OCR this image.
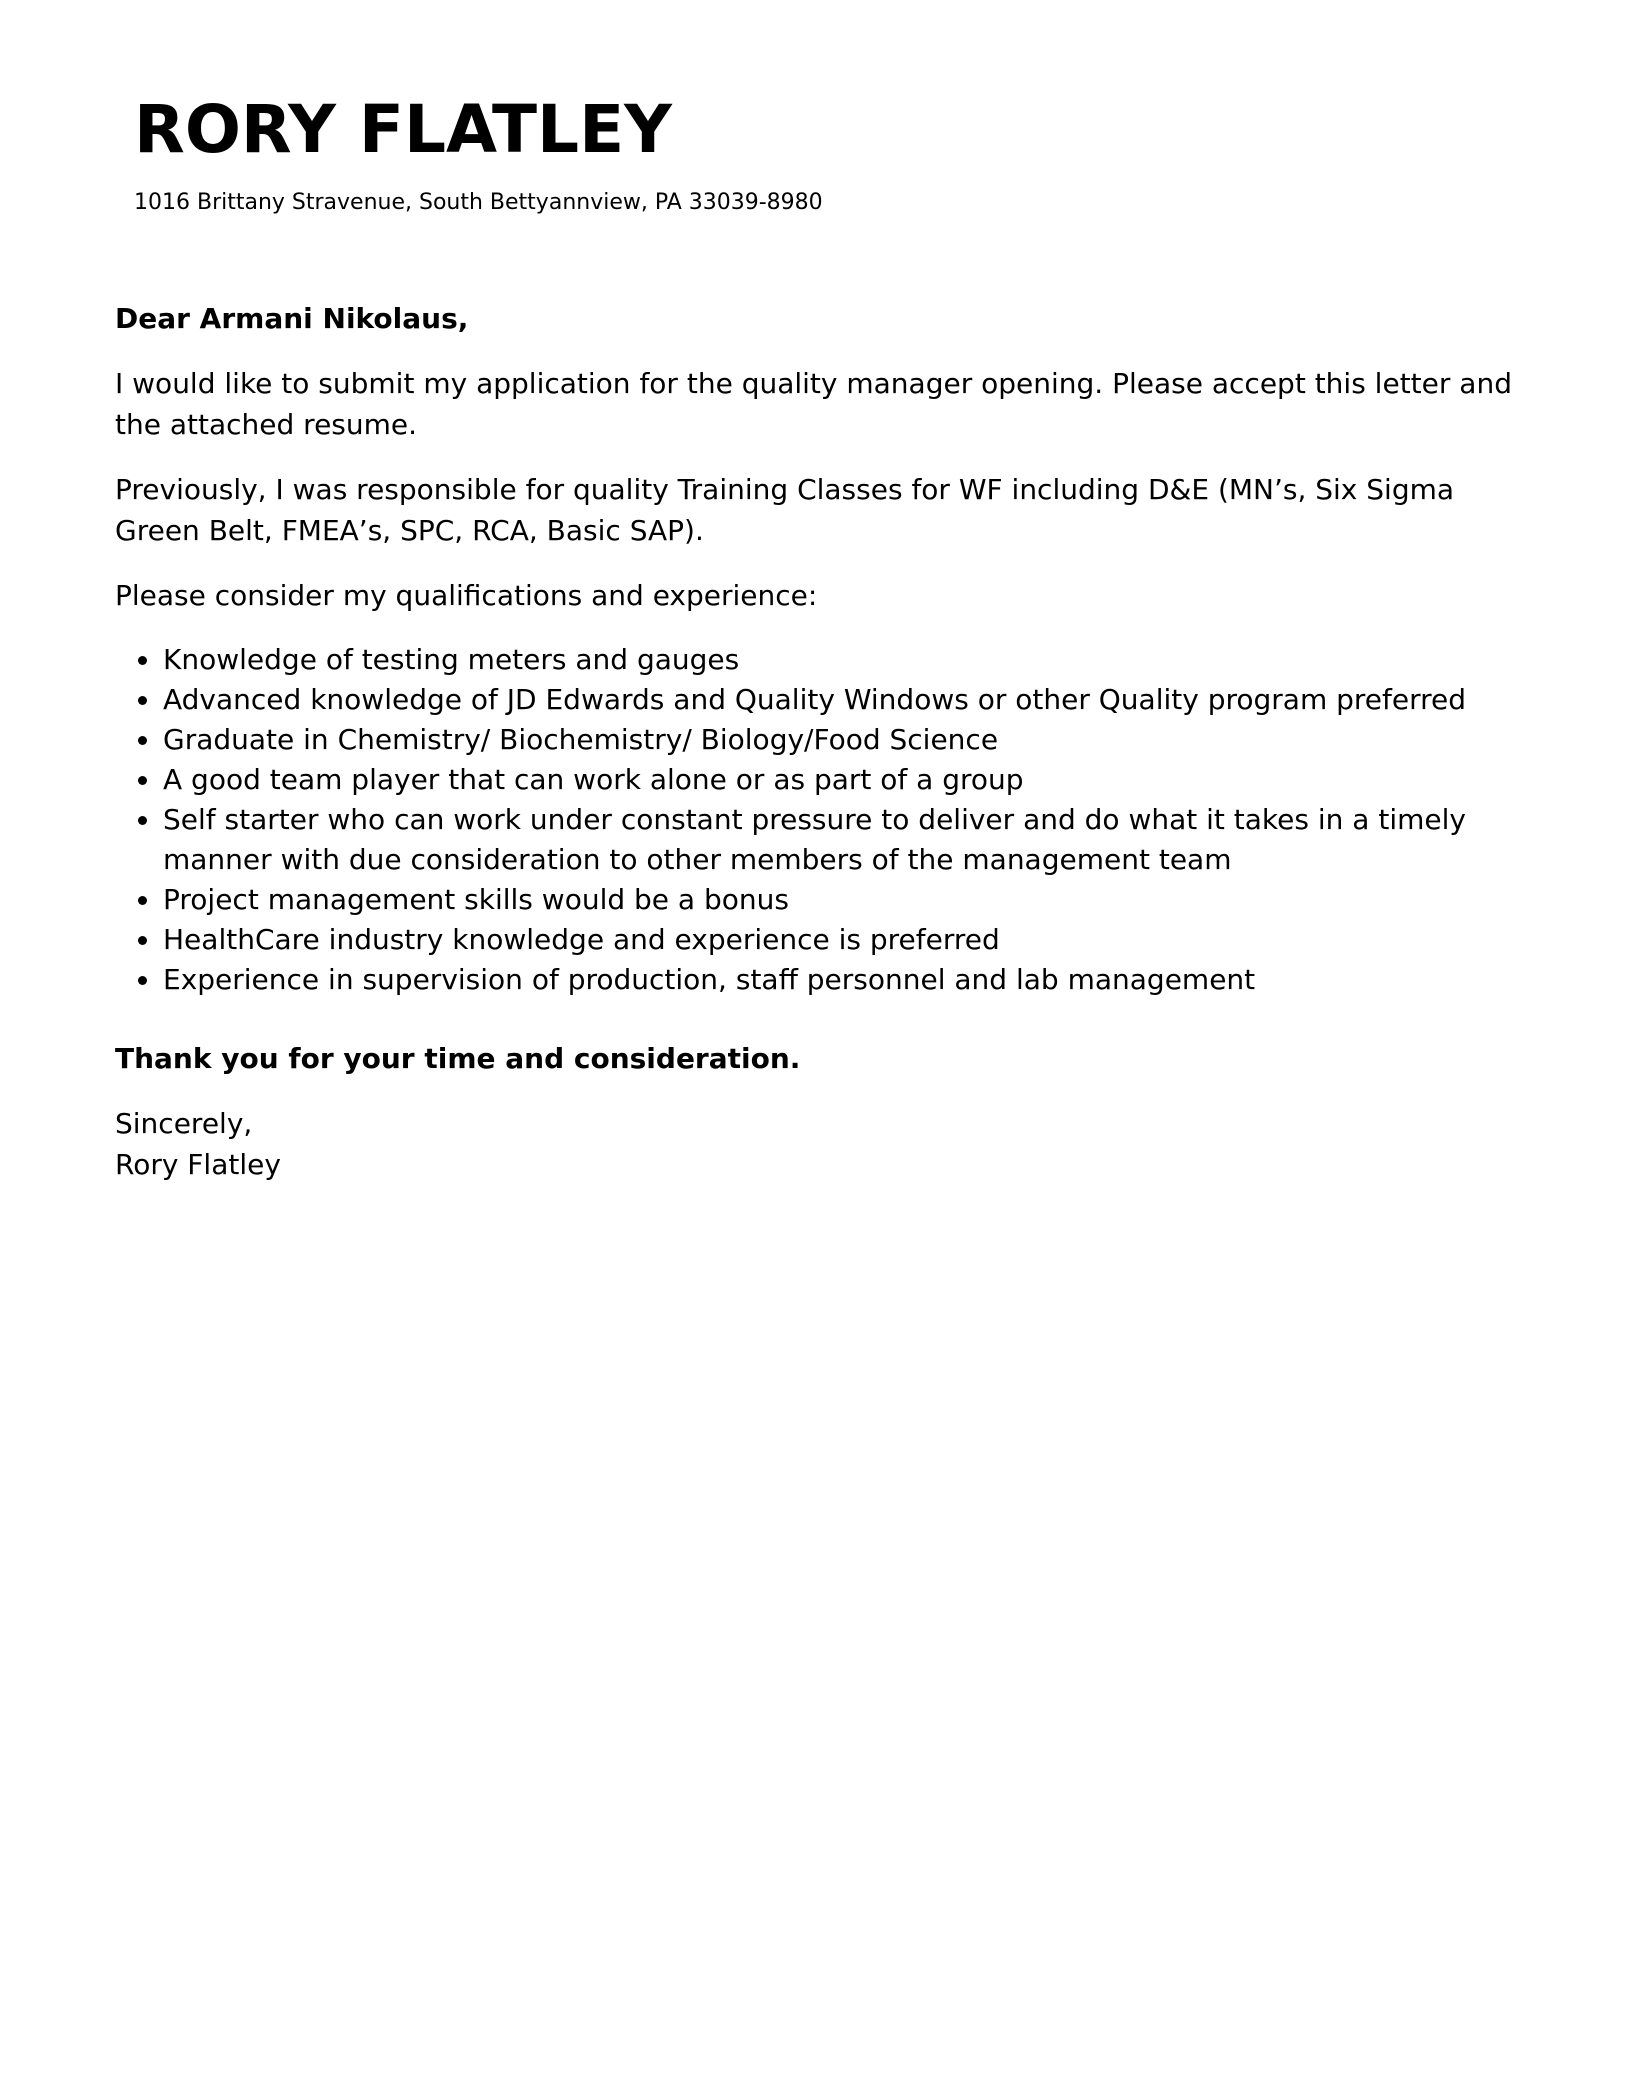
RORY FLATLEY

1016 Brittany Stravenue, South Bettyannview, PA 33039-8980

Dear Armani Nikolaus,

I would like to submit my application for the quality manager opening. Please accept this letter and the attached resume.

Previously, I was responsible for quality Training Classes for WF including D&E (MN’s, Six Sigma Green Belt, FMEA’s, SPC, RCA, Basic SAP).

Please consider my qualifications and experience:

Knowledge of testing meters and gauges
Advanced knowledge of JD Edwards and Quality Windows or other Quality program preferred
Graduate in Chemistry/ Biochemistry/ Biology/Food Science
A good team player that can work alone or as part of a group
Self starter who can work under constant pressure to deliver and do what it takes in a timely manner with due consideration to other members of the management team
Project management skills would be a bonus
HealthCare industry knowledge and experience is preferred
Experience in supervision of production, staff personnel and lab management

Thank you for your time and consideration.

Sincerely,

Rory Flatley
